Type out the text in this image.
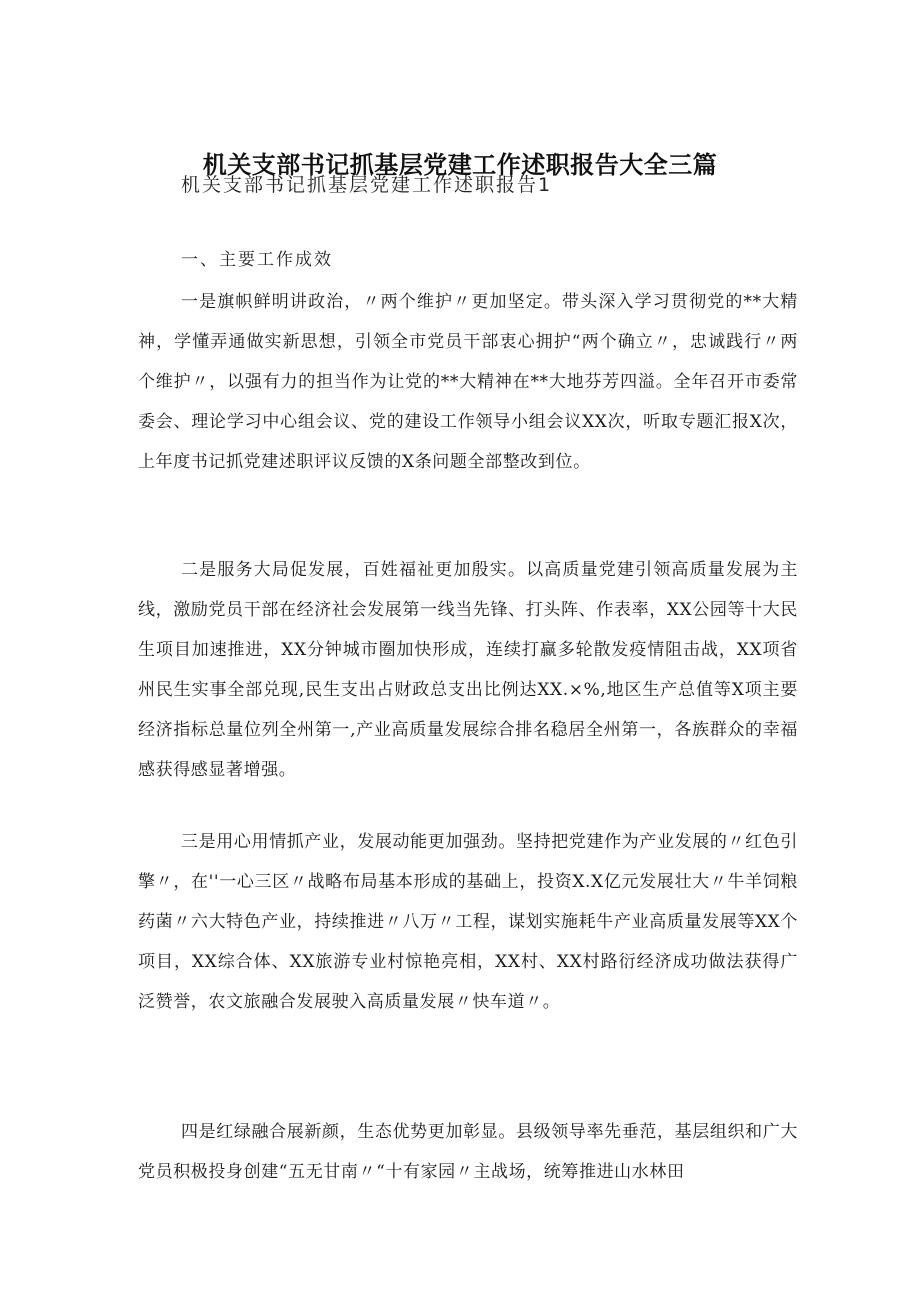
机关支部书记抓基层党建工作述职报告大全三篇
机关支部书记抓基层党建工作述职报告1
一、主要工作成效
一是旗帜鲜明讲政治，〃两个维护〃更加坚定。带头深入学习贯彻党的**大精神，学懂弄通做实新思想，引领全市党员干部衷心拥护“两个确立〃，忠诚践行〃两个维护〃，以强有力的担当作为让党的**大精神在**大地芬芳四溢。全年召开市委常委会、理论学习中心组会议、党的建设工作领导小组会议XX次，听取专题汇报X次，上年度书记抓党建述职评议反馈的X条问题全部整改到位。
二是服务大局促发展，百姓福祉更加殷实。以高质量党建引领高质量发展为主线，激励党员干部在经济社会发展第一线当先锋、打头阵、作表率，XX公园等十大民生项目加速推进，XX分钟城市圈加快形成，连续打赢多轮散发疫情阻击战，XX项省州民生实事全部兑现,民生支出占财政总支出比例达XX.×%,地区生产总值等X项主要经济指标总量位列全州第一,产业高质量发展综合排名稳居全州第一，各族群众的幸福感获得感显著增强。
三是用心用情抓产业，发展动能更加强劲。坚持把党建作为产业发展的〃红色引擎〃，在''一心三区〃战略布局基本形成的基础上，投资X.X亿元发展壮大〃牛羊饲粮药菌〃六大特色产业，持续推进〃八万〃工程，谋划实施耗牛产业高质量发展等XX个项目，XX综合体、XX旅游专业村惊艳亮相，XX村、XX村路衍经济成功做法获得广泛赞誉，农文旅融合发展驶入高质量发展〃快车道〃。
四是红绿融合展新颜，生态优势更加彰显。县级领导率先垂范，基层组织和广大党员积极投身创建“五无甘南〃“十有家园〃主战场，统筹推进山水林田
